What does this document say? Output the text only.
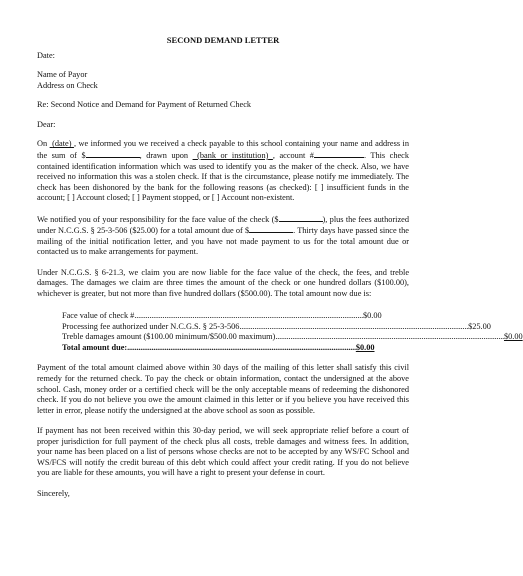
SECOND DEMAND LETTER

Date:

Name of Payor

Address on Check

Re: Second Notice and Demand for Payment of Returned Check

Dear:

On  (date) , we informed you we received a check payable to this school containing your name and address in the sum of $	, drawn upon  (bank or institution) , account #	. This check contained identification information which was used to identify you as the maker of the check. Also, we have received no information this was a stolen check. If that is the circumstance, please notify me immediately. The check has been dishonored by the bank for the following reasons (as checked): [ ] insufficient funds in the account; [ ] Account closed; [ ] Payment stopped, or [ ] Account non-existent.

We notified you of your responsibility for the face value of the check ($	), plus the fees authorized under N.C.G.S. § 25-3-506 ($25.00) for a total amount due of $	. Thirty days have passed since the mailing of the initial notification letter, and you have not made payment to us for the total amount due or contacted us to make arrangements for payment.

Under N.C.G.S. § 6-21.3, we claim you are now liable for the face value of the check, the fees, and treble damages. The damages we claim are three times the amount of the check or one hundred dollars ($100.00), whichever is greater, but not more than five hundred dollars ($500.00). The total amount now due is:

Face value of check # .......................................................................................................................... $0.00
Processing fee authorized under N.C.G.S. § 25-3-506 .......................................................................................................................... $25.00
Treble damages amount ($100.00 minimum/$500.00 maximum) .......................................................................................................................... $0.00
Total amount due: .......................................................................................................................... $0.00

Payment of the total amount claimed above within 30 days of the mailing of this letter shall satisfy this civil remedy for the returned check. To pay the check or obtain information, contact the undersigned at the above school. Cash, money order or a certified check will be the only acceptable means of redeeming the dishonored check. If you do not believe you owe the amount claimed in this letter or if you believe you have received this letter in error, please notify the undersigned at the above school as soon as possible.

If payment has not been received within this 30-day period, we will seek appropriate relief before a court of proper jurisdiction for full payment of the check plus all costs, treble damages and witness fees. In addition, your name has been placed on a list of persons whose checks are not to be accepted by any WS/FC School and WS/FCS will notify the credit bureau of this debt which could affect your credit rating. If you do not believe you are liable for these amounts, you will have a right to present your defense in court.

Sincerely,
